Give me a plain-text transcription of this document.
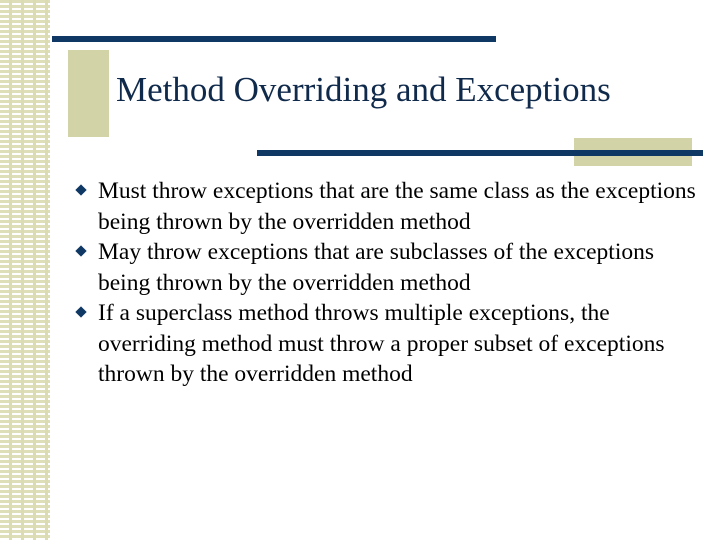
Method Overriding and Exceptions
Must throw exceptions that are the same class as the exceptions being thrown by the overridden method
May throw exceptions that are subclasses of the exceptions being thrown by the overridden method
If a superclass method throws multiple exceptions, the overriding method must throw a proper subset of exceptions thrown by the overridden method
